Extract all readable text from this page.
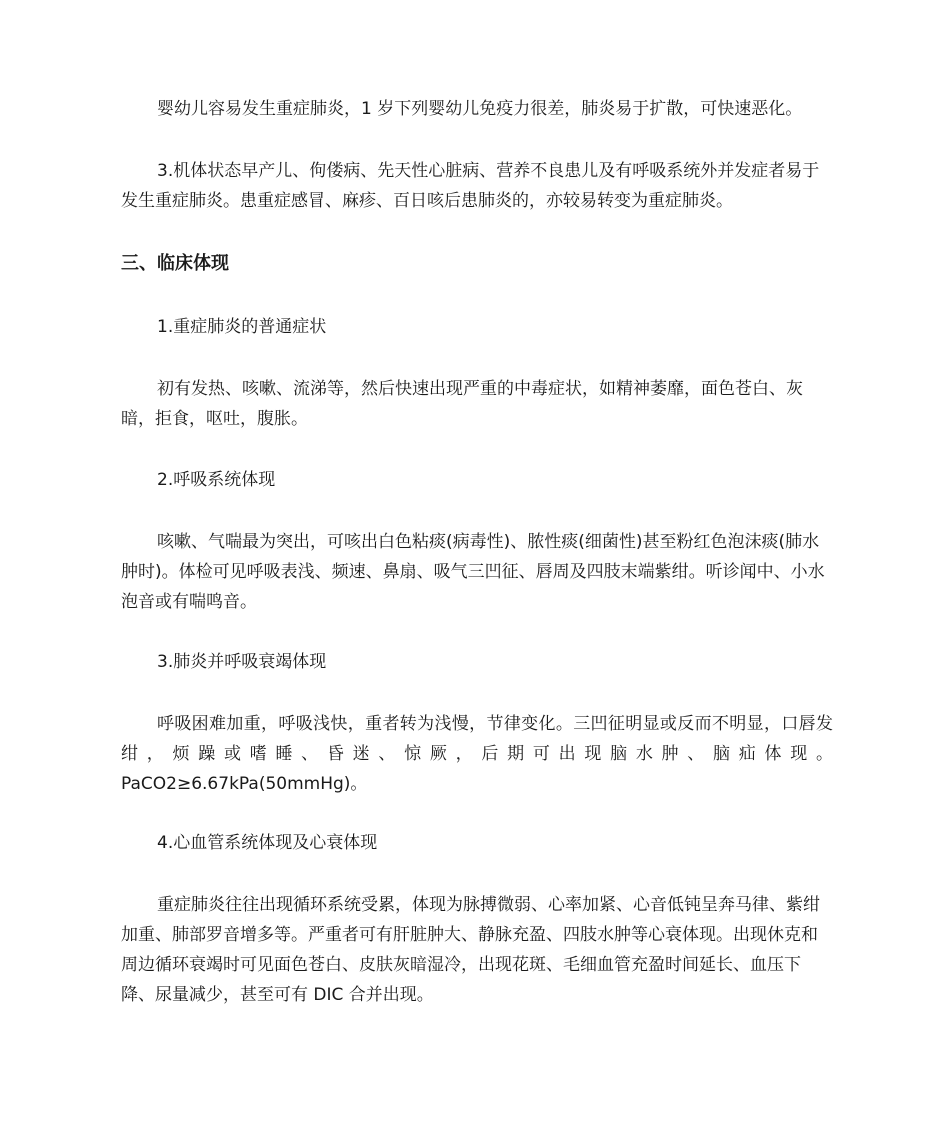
婴幼儿容易发生重症肺炎，1 岁下列婴幼儿免疫力很差，肺炎易于扩散，可快速恶化。

3.机体状态早产儿、佝偻病、先天性心脏病、营养不良患儿及有呼吸系统外并发症者易于发生重症肺炎。患重症感冒、麻疹、百日咳后患肺炎的，亦较易转变为重症肺炎。

三、临床体现

1.重症肺炎的普通症状

初有发热、咳嗽、流涕等，然后快速出现严重的中毒症状，如精神萎靡，面色苍白、灰暗，拒食，呕吐，腹胀。

2.呼吸系统体现

咳嗽、气喘最为突出，可咳出白色粘痰(病毒性)、脓性痰(细菌性)甚至粉红色泡沫痰(肺水肿时)。体检可见呼吸表浅、频速、鼻扇、吸气三凹征、唇周及四肢末端紫绀。听诊闻中、小水泡音或有喘鸣音。

3.肺炎并呼吸衰竭体现

呼吸困难加重，呼吸浅快，重者转为浅慢，节律变化。三凹征明显或反而不明显，口唇发绀，烦躁或嗜睡、昏迷、惊厥，后期可出现脑水肿、脑疝体现。PaCO2≥6.67kPa(50mmHg)。

4.心血管系统体现及心衰体现

重症肺炎往往出现循环系统受累，体现为脉搏微弱、心率加紧、心音低钝呈奔马律、紫绀加重、肺部罗音增多等。严重者可有肝脏肿大、静脉充盈、四肢水肿等心衰体现。出现休克和周边循环衰竭时可见面色苍白、皮肤灰暗湿冷，出现花斑、毛细血管充盈时间延长、血压下降、尿量减少，甚至可有 DIC 合并出现。
